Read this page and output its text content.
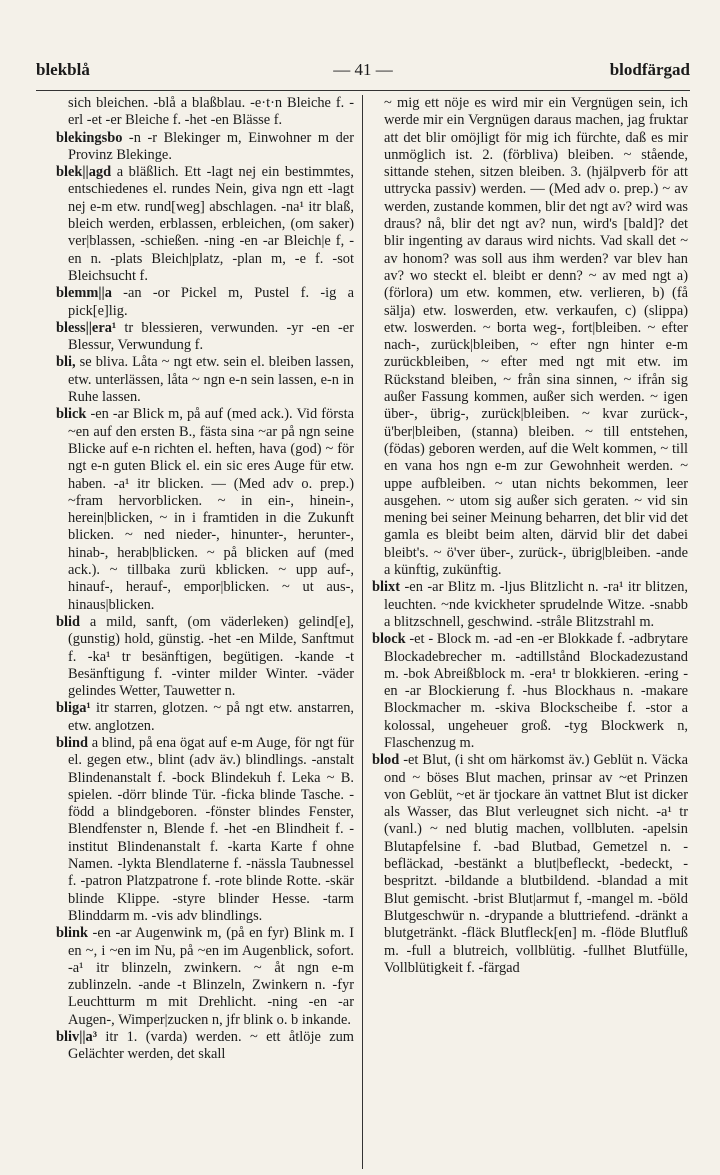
blekblå	— 41 —	blodfärgad

sich bleichen. -blå a blaßblau. -e·t·n Bleiche f. -erl -et -er Bleiche f. -het -en Blässe f.

blekingsbo -n -r Blekinger m, Einwohner m der Provinz Blekinge.

blek||agd a bläßlich. Ett -lagt nej ein bestimmtes, entschiedenes el. rundes Nein, giva ngn ett -lagt nej e-m etw. rund[weg] abschlagen. -na¹ itr blaß, bleich werden, erblassen, erbleichen, (om saker) ver|blassen, -schießen. -ning -en -ar Bleich|e f, -en n. -plats Bleich|platz, -plan m, -e f. -sot Bleichsucht f.

blemm||a -an -or Pickel m, Pustel f. -ig a pick[e]lig.

bless||era¹ tr blessieren, verwunden. -yr -en -er Blessur, Verwundung f.

bli, se bliva. Låta ~ ngt etw. sein el. bleiben lassen, etw. unterlässen, låta ~ ngn e-n sein lassen, e-n in Ruhe lassen.

blick -en -ar Blick m, på auf (med ack.). Vid första ~en auf den ersten B., fästa sina ~ar på ngn seine Blicke auf e-n richten el. heften, hava (god) ~ för ngt e-n guten Blick el. ein sic eres Auge für etw. haben. -a¹ itr blicken. — (Med adv o. prep.) ~fram hervorblicken. ~ in ein-, hinein-, herein|blicken, ~ in i framtiden in die Zukunft blicken. ~ ned nieder-, hinunter-, herunter-, hinab-, herab|blicken. ~ på blicken auf (med ack.). ~ tillbaka zurü kblicken. ~ upp auf-, hinauf-, herauf-, empor|blicken. ~ ut aus-, hinaus|blicken.

blid a mild, sanft, (om väderleken) gelind[e], (gunstig) hold, günstig. -het -en Milde, Sanftmut f. -ka¹ tr besänftigen, begütigen. -kande -t Besänftigung f. -vinter milder Winter. -väder gelindes Wetter, Tauwetter n.

bliga¹ itr starren, glotzen. ~ på ngt etw. anstarren, etw. anglotzen.

blind a blind, på ena ögat auf e-m Auge, för ngt für el. gegen etw., blint (adv äv.) blindlings. -anstalt Blindenanstalt f. -bock Blindekuh f. Leka ~ B. spielen. -dörr blinde Tür. -ficka blinde Tasche. -född a blindgeboren. -fönster blindes Fenster, Blendfenster n, Blende f. -het -en Blindheit f. -institut Blindenanstalt f. -karta Karte f ohne Namen. -lykta Blendlaterne f. -nässla Taubnessel f. -patron Platzpatrone f. -rote blinde Rotte. -skär blinde Klippe. -styre blinder Hesse. -tarm Blinddarm m. -vis adv blindlings.

blink -en -ar Augenwink m, (på en fyr) Blink m. I en ~, i ~en im Nu, på ~en im Augenblick, sofort. -a¹ itr blinzeln, zwinkern. ~ åt ngn e-m zublinzeln. -ande -t Blinzeln, Zwinkern n. -fyr Leuchtturm m mit Drehlicht. -ning -en -ar Augen-, Wimper|zucken n, jfr blink o. b inkande.

bliv||a³ itr 1. (varda) werden. ~ ett åtlöje zum Gelächter werden, det skall

~ mig ett nöje es wird mir ein Vergnügen sein, ich werde mir ein Vergnügen daraus machen, jag fruktar att det blir omöjligt för mig ich fürchte, daß es mir unmöglich ist. 2. (förbliva) bleiben. ~ stående, sittande stehen, sitzen bleiben. 3. (hjälpverb för att uttrycka passiv) werden. — (Med adv o. prep.) ~ av werden, zustande kommen, blir det ngt av? wird was draus? nå, blir det ngt av? nun, wird's [bald]? det blir ingenting av daraus wird nichts. Vad skall det ~ av honom? was soll aus ihm werden? var blev han av? wo steckt el. bleibt er denn? ~ av med ngt a) (förlora) um etw. kommen, etw. verlieren, b) (få sälja) etw. loswerden, etw. verkaufen, c) (slippa) etw. loswerden. ~ borta weg-, fort|bleiben. ~ efter nach-, zurück|bleiben, ~ efter ngn hinter e-m zurückbleiben, ~ efter med ngt mit etw. im Rückstand bleiben, ~ från sina sinnen, ~ ifrån sig außer Fassung kommen, außer sich werden. ~ igen über-, übrig-, zurück|bleiben. ~ kvar zurück-, ü'ber|bleiben, (stanna) bleiben. ~ till entstehen, (födas) geboren werden, auf die Welt kommen, ~ till en vana hos ngn e-m zur Gewohnheit werden. ~ uppe aufbleiben. ~ utan nichts bekommen, leer ausgehen. ~ utom sig außer sich geraten. ~ vid sin mening bei seiner Meinung beharren, det blir vid det gamla es bleibt beim alten, därvid blir det dabei bleibt's. ~ ö'ver über-, zurück-, übrig|bleiben. -ande a künftig, zukünftig.

blixt -en -ar Blitz m. -ljus Blitzlicht n. -ra¹ itr blitzen, leuchten. ~nde kvickheter sprudelnde Witze. -snabb a blitzschnell, geschwind. -stråle Blitzstrahl m.

block -et - Block m. -ad -en -er Blokkade f. -adbrytare Blockadebrecher m. -adtillstånd Blockadezustand m. -bok Abreißblock m. -era¹ tr blokkieren. -ering -en -ar Blockierung f. -hus Blockhaus n. -makare Blockmacher m. -skiva Blockscheibe f. -stor a kolossal, ungeheuer groß. -tyg Blockwerk n, Flaschenzug m.

blod -et Blut, (i sht om härkomst äv.) Geblüt n. Väcka ond ~ böses Blut machen, prinsar av ~et Prinzen von Geblüt, ~et är tjockare än vattnet Blut ist dicker als Wasser, das Blut verleugnet sich nicht. -a¹ tr (vanl.) ~ ned blutig machen, vollbluten. -apelsin Blutapfelsine f. -bad Blutbad, Gemetzel n. -befläckad, -bestänkt a blut|befleckt, -bedeckt, -bespritzt. -bildande a blutbildend. -blandad a mit Blut gemischt. -brist Blut|armut f, -mangel m. -böld Blutgeschwür n. -drypande a bluttriefend. -dränkt a blutgetränkt. -fläck Blutfleck[en] m. -flöde Blutfluß m. -full a blutreich, vollblütig. -fullhet Blutfülle, Vollblütigkeit f. -färgad
